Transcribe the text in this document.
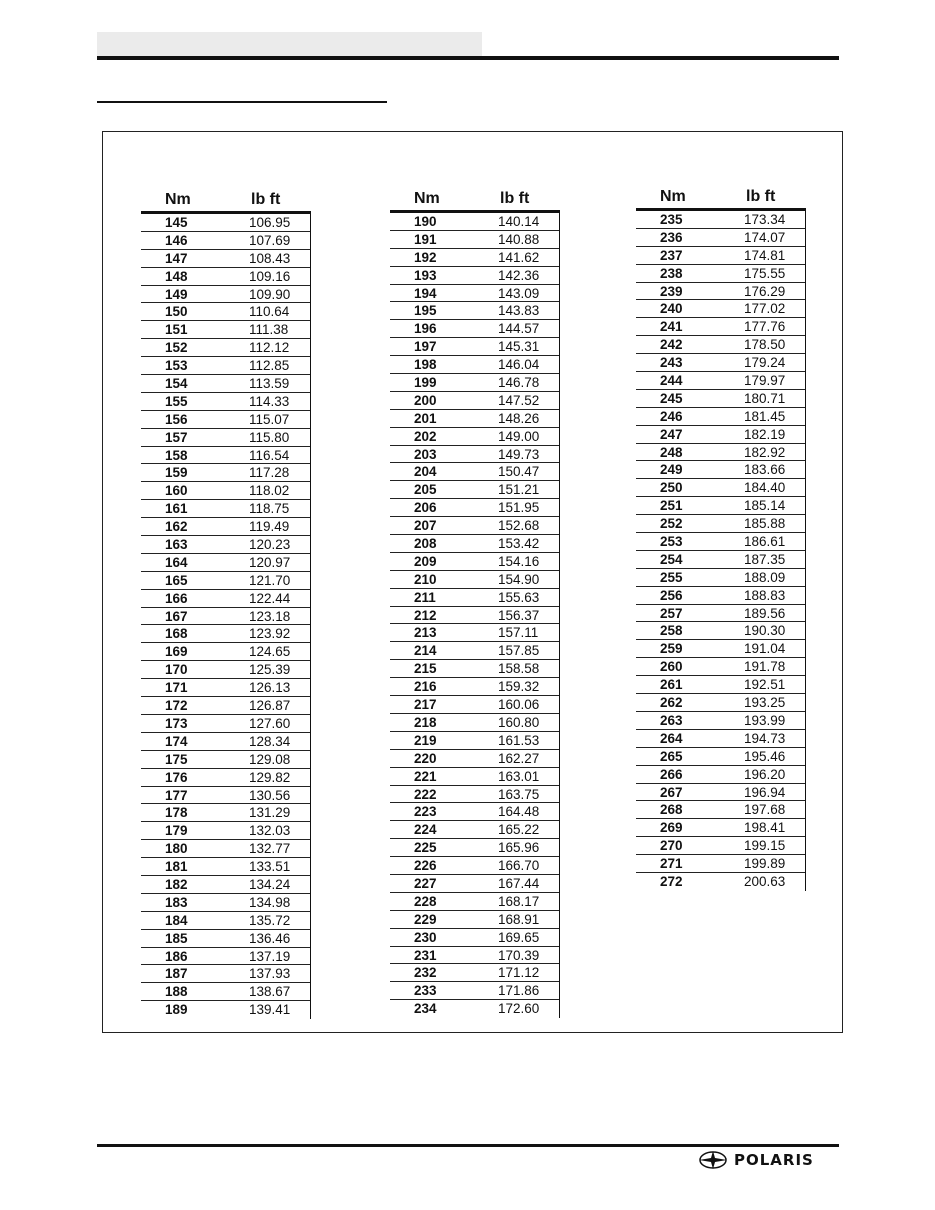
Nm	lb ft
145	106.95
146	107.69
147	108.43
148	109.16
149	109.90
150	110.64
151	111.38
152	112.12
153	112.85
154	113.59
155	114.33
156	115.07
157	115.80
158	116.54
159	117.28
160	118.02
161	118.75
162	119.49
163	120.23
164	120.97
165	121.70
166	122.44
167	123.18
168	123.92
169	124.65
170	125.39
171	126.13
172	126.87
173	127.60
174	128.34
175	129.08
176	129.82
177	130.56
178	131.29
179	132.03
180	132.77
181	133.51
182	134.24
183	134.98
184	135.72
185	136.46
186	137.19
187	137.93
188	138.67
189	139.41
Nm	lb ft
190	140.14
191	140.88
192	141.62
193	142.36
194	143.09
195	143.83
196	144.57
197	145.31
198	146.04
199	146.78
200	147.52
201	148.26
202	149.00
203	149.73
204	150.47
205	151.21
206	151.95
207	152.68
208	153.42
209	154.16
210	154.90
211	155.63
212	156.37
213	157.11
214	157.85
215	158.58
216	159.32
217	160.06
218	160.80
219	161.53
220	162.27
221	163.01
222	163.75
223	164.48
224	165.22
225	165.96
226	166.70
227	167.44
228	168.17
229	168.91
230	169.65
231	170.39
232	171.12
233	171.86
234	172.60
Nm	lb ft
235	173.34
236	174.07
237	174.81
238	175.55
239	176.29
240	177.02
241	177.76
242	178.50
243	179.24
244	179.97
245	180.71
246	181.45
247	182.19
248	182.92
249	183.66
250	184.40
251	185.14
252	185.88
253	186.61
254	187.35
255	188.09
256	188.83
257	189.56
258	190.30
259	191.04
260	191.78
261	192.51
262	193.25
263	193.99
264	194.73
265	195.46
266	196.20
267	196.94
268	197.68
269	198.41
270	199.15
271	199.89
272	200.63
POLARIS
